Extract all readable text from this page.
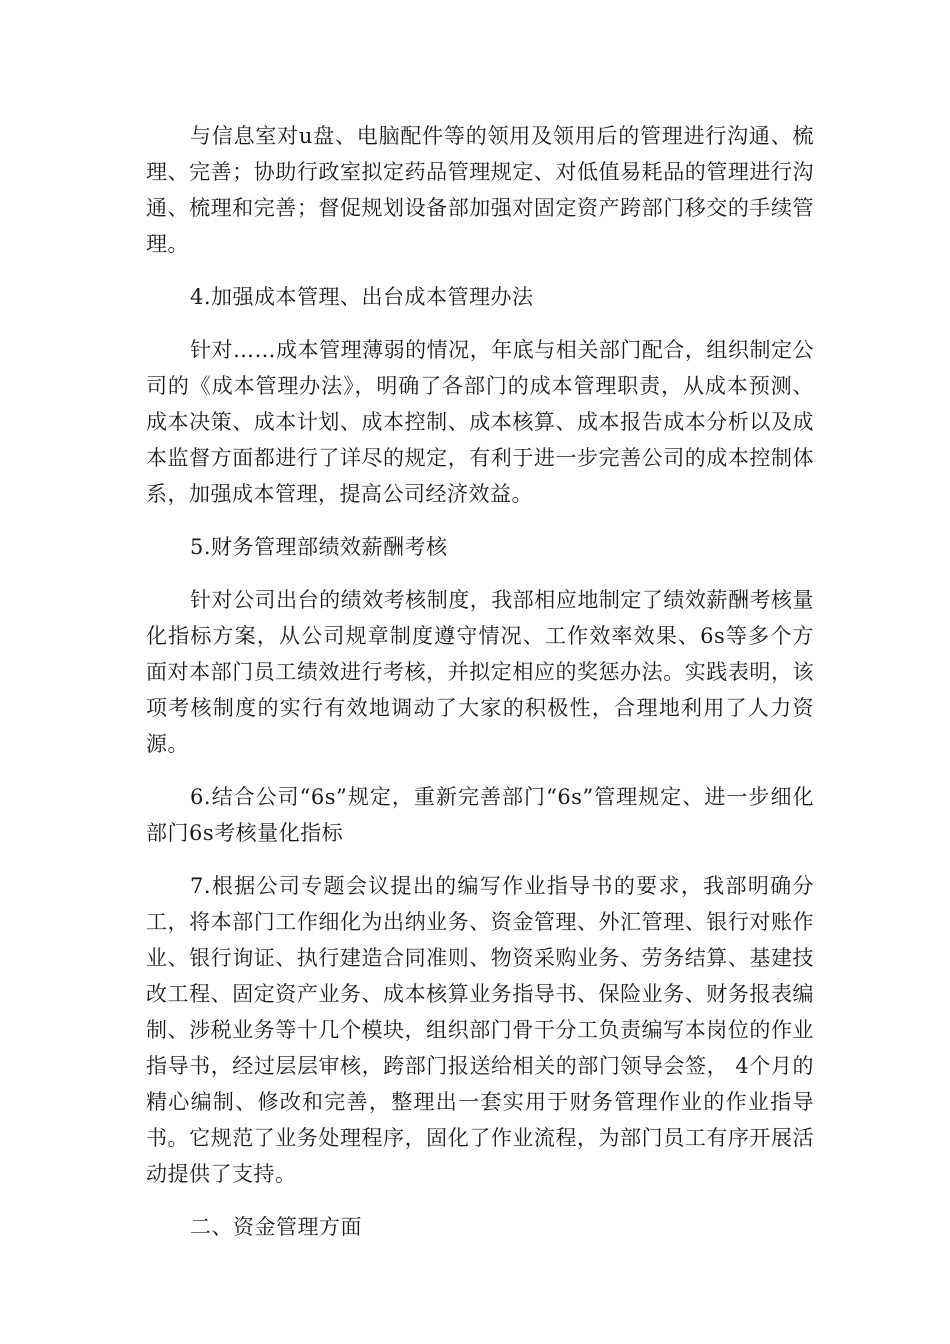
与信息室对u盘、电脑配件等的领用及领用后的管理进行沟通、梳理、完善；协助行政室拟定药品管理规定、对低值易耗品的管理进行沟通、梳理和完善；督促规划设备部加强对固定资产跨部门移交的手续管理。

4.加强成本管理、出台成本管理办法

针对……成本管理薄弱的情况，年底与相关部门配合，组织制定公司的《成本管理办法》，明确了各部门的成本管理职责，从成本预测、成本决策、成本计划、成本控制、成本核算、成本报告成本分析以及成本监督方面都进行了详尽的规定，有利于进一步完善公司的成本控制体系，加强成本管理，提高公司经济效益。

5.财务管理部绩效薪酬考核

针对公司出台的绩效考核制度，我部相应地制定了绩效薪酬考核量化指标方案，从公司规章制度遵守情况、工作效率效果、6s等多个方面对本部门员工绩效进行考核，并拟定相应的奖惩办法。实践表明，该项考核制度的实行有效地调动了大家的积极性，合理地利用了人力资源。

6.结合公司“6s”规定，重新完善部门“6s”管理规定、进一步细化部门6s考核量化指标

7.根据公司专题会议提出的编写作业指导书的要求，我部明确分工，将本部门工作细化为出纳业务、资金管理、外汇管理、银行对账作业、银行询证、执行建造合同准则、物资采购业务、劳务结算、基建技改工程、固定资产业务、成本核算业务指导书、保险业务、财务报表编制、涉税业务等十几个模块，组织部门骨干分工负责编写本岗位的作业指导书，经过层层审核，跨部门报送给相关的部门领导会签， 4个月的精心编制、修改和完善，整理出一套实用于财务管理作业的作业指导书。它规范了业务处理程序，固化了作业流程，为部门员工有序开展活动提供了支持。

二、资金管理方面
